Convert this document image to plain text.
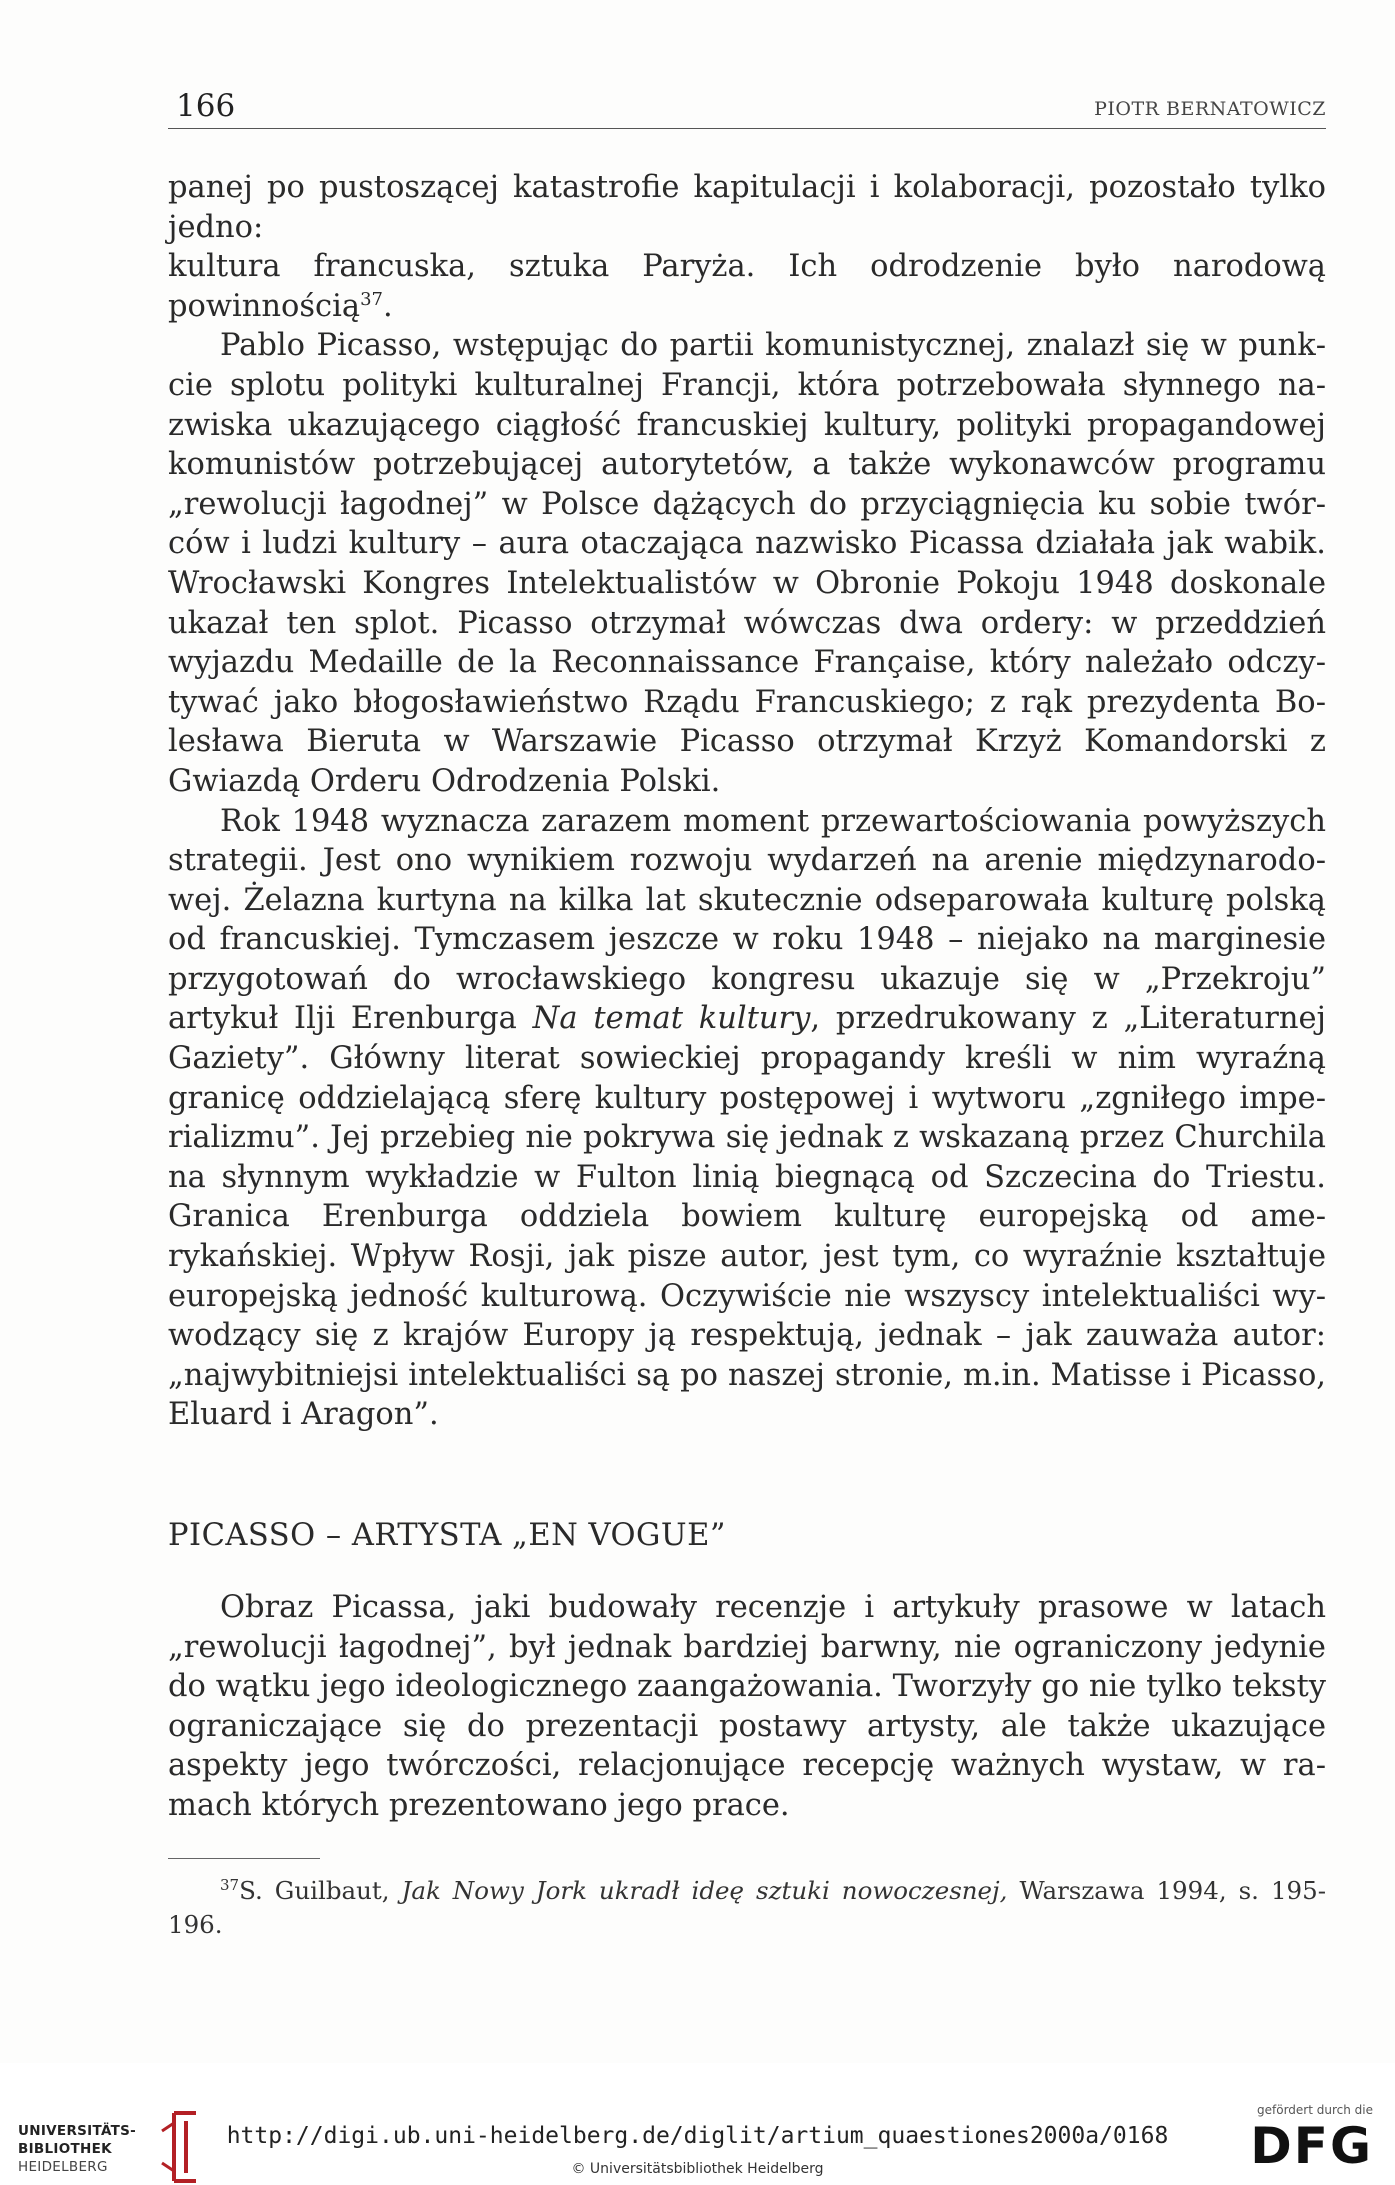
166	PIOTR BERNATOWICZ

panej po pustoszącej katastrofie kapitulacji i kolaboracji, pozostało tylko jedno:
kultura francuska, sztuka Paryża. Ich odrodzenie było narodową powinnością$^{37}$.

Pablo Picasso, wstępując do partii komunistycznej, znalazł się w punkcie splotu polityki kulturalnej Francji, która potrzebowała słynnego nazwiska ukazującego ciągłość francuskiej kultury, polityki propagandowej komunistów potrzebującej autorytetów, a także wykonawców programu „rewolucji łagodnej” w Polsce dążących do przyciągnięcia ku sobie twórców i ludzi kultury – aura otaczająca nazwisko Picassa działała jak wabik. Wrocławski Kongres Intelektualistów w Obronie Pokoju 1948 doskonale ukazał ten splot. Picasso otrzymał wówczas dwa ordery: w przeddzień wyjazdu Medaille de la Reconnaissance Française, który należało odczytywać jako błogosławieństwo Rządu Francuskiego; z rąk prezydenta Bolesława Bieruta w Warszawie Picasso otrzymał Krzyż Komandorski z Gwiazdą Orderu Odrodzenia Polski.

Rok 1948 wyznacza zarazem moment przewartościowania powyższych strategii. Jest ono wynikiem rozwoju wydarzeń na arenie międzynarodowej. Żelazna kurtyna na kilka lat skutecznie odseparowała kulturę polską od francuskiej. Tymczasem jeszcze w roku 1948 – niejako na marginesie przygotowań do wrocławskiego kongresu ukazuje się w „Przekroju” artykuł Ilji Erenburga Na temat kultury, przedrukowany z „Literaturnej Gaziety”. Główny literat sowieckiej propagandy kreśli w nim wyraźną granicę oddzielającą sferę kultury postępowej i wytworu „zgniłego imperializmu”. Jej przebieg nie pokrywa się jednak z wskazaną przez Churchila na słynnym wykładzie w Fulton linią biegnącą od Szczecina do Triestu. Granica Erenburga oddziela bowiem kulturę europejską od amerykańskiej. Wpływ Rosji, jak pisze autor, jest tym, co wyraźnie kształtuje europejską jedność kulturową. Oczywiście nie wszyscy intelektualiści wywodzący się z krajów Europy ją respektują, jednak – jak zauważa autor: „najwybitniejsi intelektualiści są po naszej stronie, m.in. Matisse i Picasso, Eluard i Aragon”.

PICASSO – ARTYSTA „EN VOGUE”

Obraz Picassa, jaki budowały recenzje i artykuły prasowe w latach „rewolucji łagodnej”, był jednak bardziej barwny, nie ograniczony jedynie do wątku jego ideologicznego zaangażowania. Tworzyły go nie tylko teksty ograniczające się do prezentacji postawy artysty, ale także ukazujące aspekty jego twórczości, relacjonujące recepcję ważnych wystaw, w ramach których prezentowano jego prace.

$^{37}$S. Guilbaut, Jak Nowy Jork ukradł ideę sztuki nowoczesnej, Warszawa 1994, s. 195-196.

UNIVERSITÄTS-
BIBLIOTHEK
HEIDELBERG
http://digi.ub.uni-heidelberg.de/diglit/artium_quaestiones2000a/0168
© Universitätsbibliothek Heidelberg
gefördert durch die
DFG
